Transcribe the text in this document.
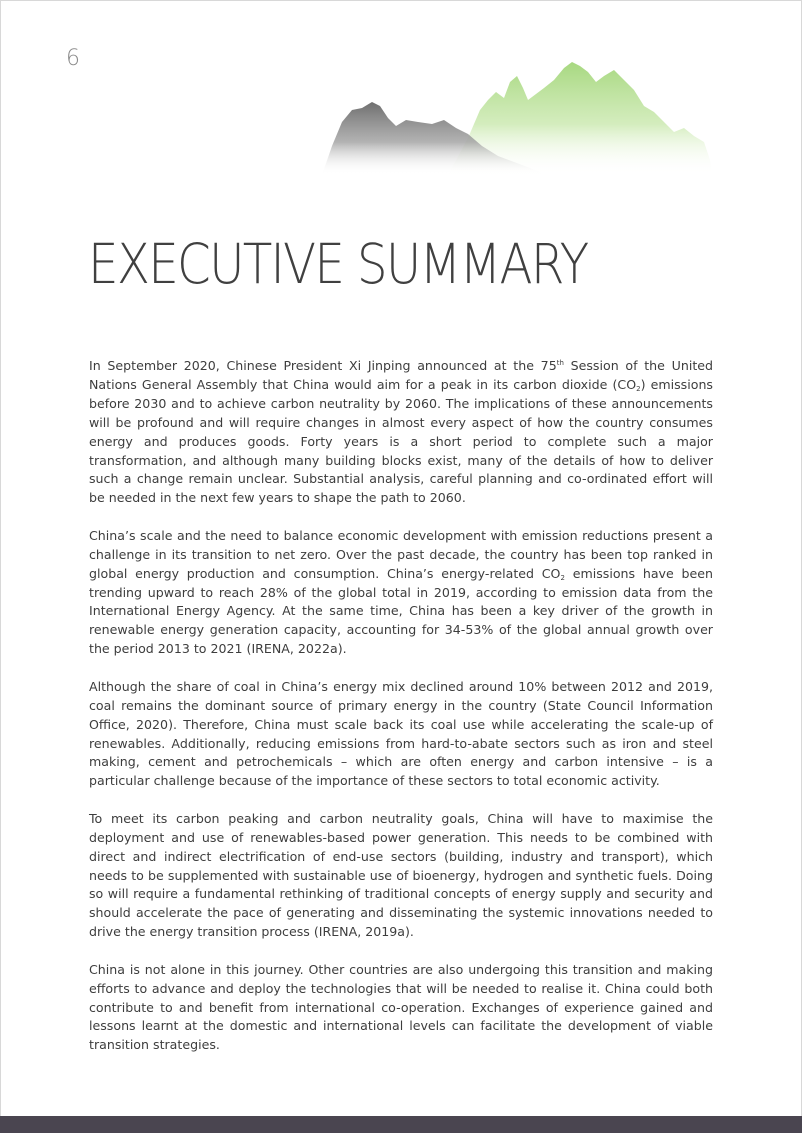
6
EXECUTIVE SUMMARY

In September 2020, Chinese President Xi Jinping announced at the 75th Session of the United Nations General Assembly that China would aim for a peak in its carbon dioxide $(CO_2)$ emissions before 2030 and to achieve carbon neutrality by 2060. The implications of these announcements will be profound and will require changes in almost every aspect of how the country consumes energy and produces goods. Forty years is a short period to complete such a major transformation, and although many building blocks exist, many of the details of how to deliver such a change remain unclear. Substantial analysis, careful planning and co-ordinated effort will be needed in the next few years to shape the path to 2060.

China’s scale and the need to balance economic development with emission reductions present a challenge in its transition to net zero. Over the past decade, the country has been top ranked in global energy production and consumption. China’s energy-related $CO_2$ emissions have been trending upward to reach 28% of the global total in 2019, according to emission data from the International Energy Agency. At the same time, China has been a key driver of the growth in renewable energy generation capacity, accounting for 34-53% of the global annual growth over the period 2013 to 2021 (IRENA, 2022a).

Although the share of coal in China’s energy mix declined around 10% between 2012 and 2019, coal remains the dominant source of primary energy in the country (State Council Information Office, 2020). Therefore, China must scale back its coal use while accelerating the scale-up of renewables. Additionally, reducing emissions from hard-to-abate sectors such as iron and steel making, cement and petrochemicals – which are often energy and carbon intensive – is a particular challenge because of the importance of these sectors to total economic activity.

To meet its carbon peaking and carbon neutrality goals, China will have to maximise the deployment and use of renewables-based power generation. This needs to be combined with direct and indirect electrification of end-use sectors (building, industry and transport), which needs to be supplemented with sustainable use of bioenergy, hydrogen and synthetic fuels. Doing so will require a fundamental rethinking of traditional concepts of energy supply and security and should accelerate the pace of generating and disseminating the systemic innovations needed to drive the energy transition process (IRENA, 2019a).

China is not alone in this journey. Other countries are also undergoing this transition and making efforts to advance and deploy the technologies that will be needed to realise it. China could both contribute to and benefit from international co-operation. Exchanges of experience gained and lessons learnt at the domestic and international levels can facilitate the development of viable transition strategies.
